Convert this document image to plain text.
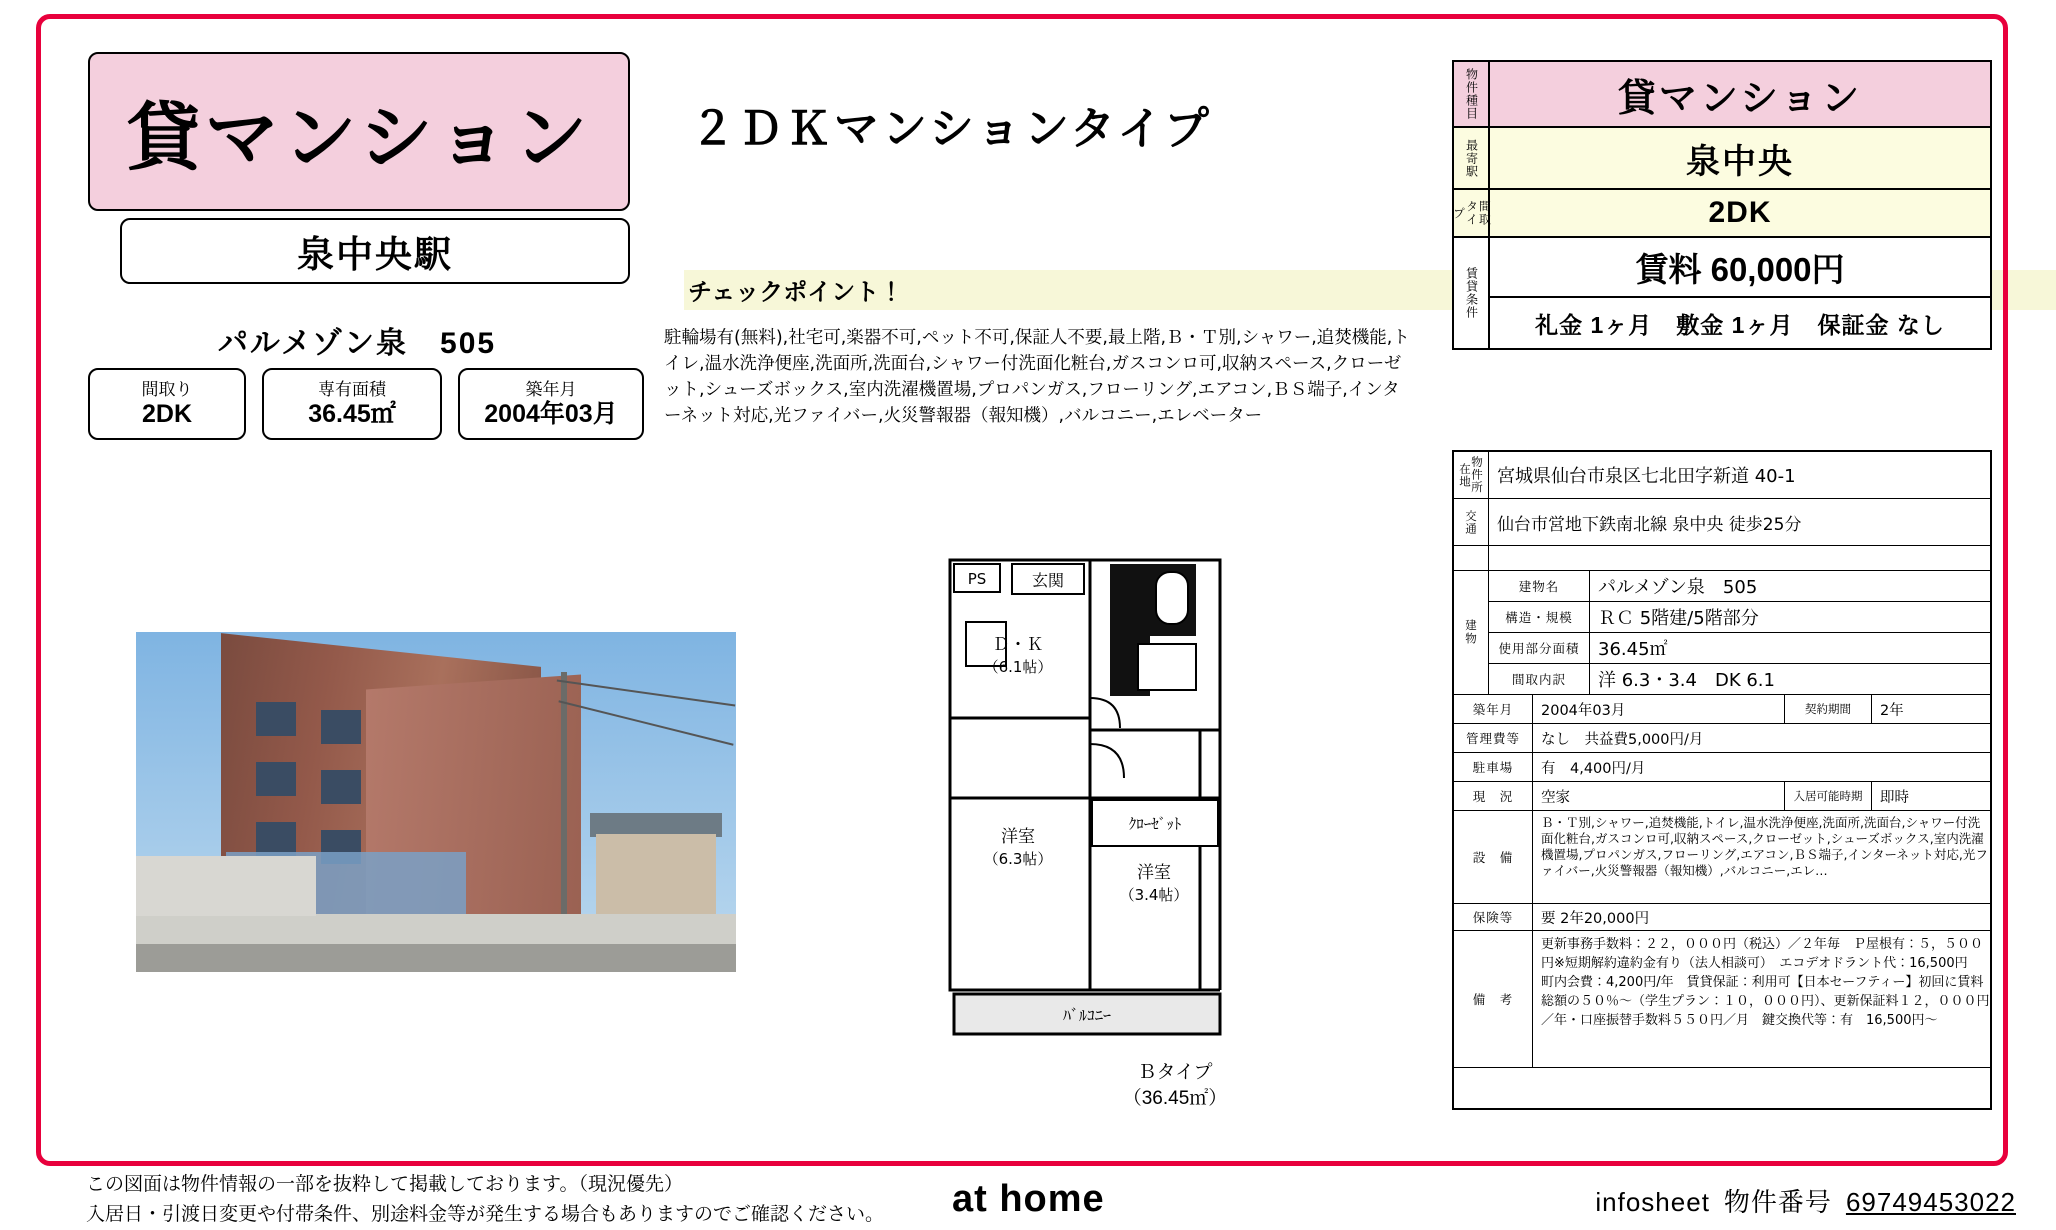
貸マンション
泉中央駅
パルメゾン泉　505
間取り
2DK
専有面積
36.45㎡
築年月
2004年03月
２ＤＫマンションタイプ
チェックポイント！
駐輪場有(無料),社宅可,楽器不可,ペット不可,保証人不要,最上階,Ｂ・Ｔ別,シャワー,追焚機能,トイレ,温水洗浄便座,洗面所,洗面台,シャワー付洗面化粧台,ガスコンロ可,収納スペース,クローゼット,シューズボックス,室内洗濯機置場,プロパンガス,フローリング,エアコン,ＢＳ端子,インターネット対応,光ファイバー,火災警報器（報知機）,バルコニー,エレベーター
PS	玄関
ｸﾛｰｾﾞｯﾄ
ﾊﾞﾙｺﾆｰ
Ｄ・Ｋ
（6.1帖）
洋室
（6.3帖）
洋室
（3.4帖）
Ｂタイプ
（36.45㎡）
物件種目	貸マンション
最寄駅	泉中央
間取タイプ	2DK
賃貸条件	賃料 60,000円
礼金 1ヶ月　敷金 1ヶ月　保証金 なし
物件所在地	宮城県仙台市泉区七北田字新道 40-1
交通	仙台市営地下鉄南北線 泉中央 徒歩25分
建物
建物名	パルメゾン泉　505
構造・規模	ＲＣ 5階建/5階部分
使用部分面積	36.45㎡
間取内訳	洋 6.3・3.4　DK 6.1
築年月	2004年03月	契約期間	2年
管理費等	なし　共益費5,000円/月
駐車場	有　4,400円/月
現　況	空家	入居可能時期	即時
設　備
Ｂ・Ｔ別,シャワー,追焚機能,トイレ,温水洗浄便座,洗面所,洗面台,シャワー付洗面化粧台,ガスコンロ可,収納スペース,クローゼット,シューズボックス,室内洗濯機置場,プロパンガス,フローリング,エアコン,ＢＳ端子,インターネット対応,光ファイバー,火災警報器（報知機）,バルコニー,エレ…
保険等	要 2年20,000円
備　考
更新事務手数料：２２，０００円（税込）／２年毎　Ｐ屋根有：５，５００円※短期解約違約金有り（法人相談可）　エコデオドラント代：16,500円　町内会費：4,200円/年　賃貸保証：利用可【日本セーフティー】初回に賃料総額の５０％〜（学生プラン：１０，０００円）、更新保証料１２，０００円／年・口座振替手数料５５０円／月　鍵交換代等：有　16,500円〜
この図面は物件情報の一部を抜粋して掲載しております。（現況優先）
入居日・引渡日変更や付帯条件、別途料金等が発生する場合もありますのでご確認ください。	at home	infosheet 物件番号 69749453022
